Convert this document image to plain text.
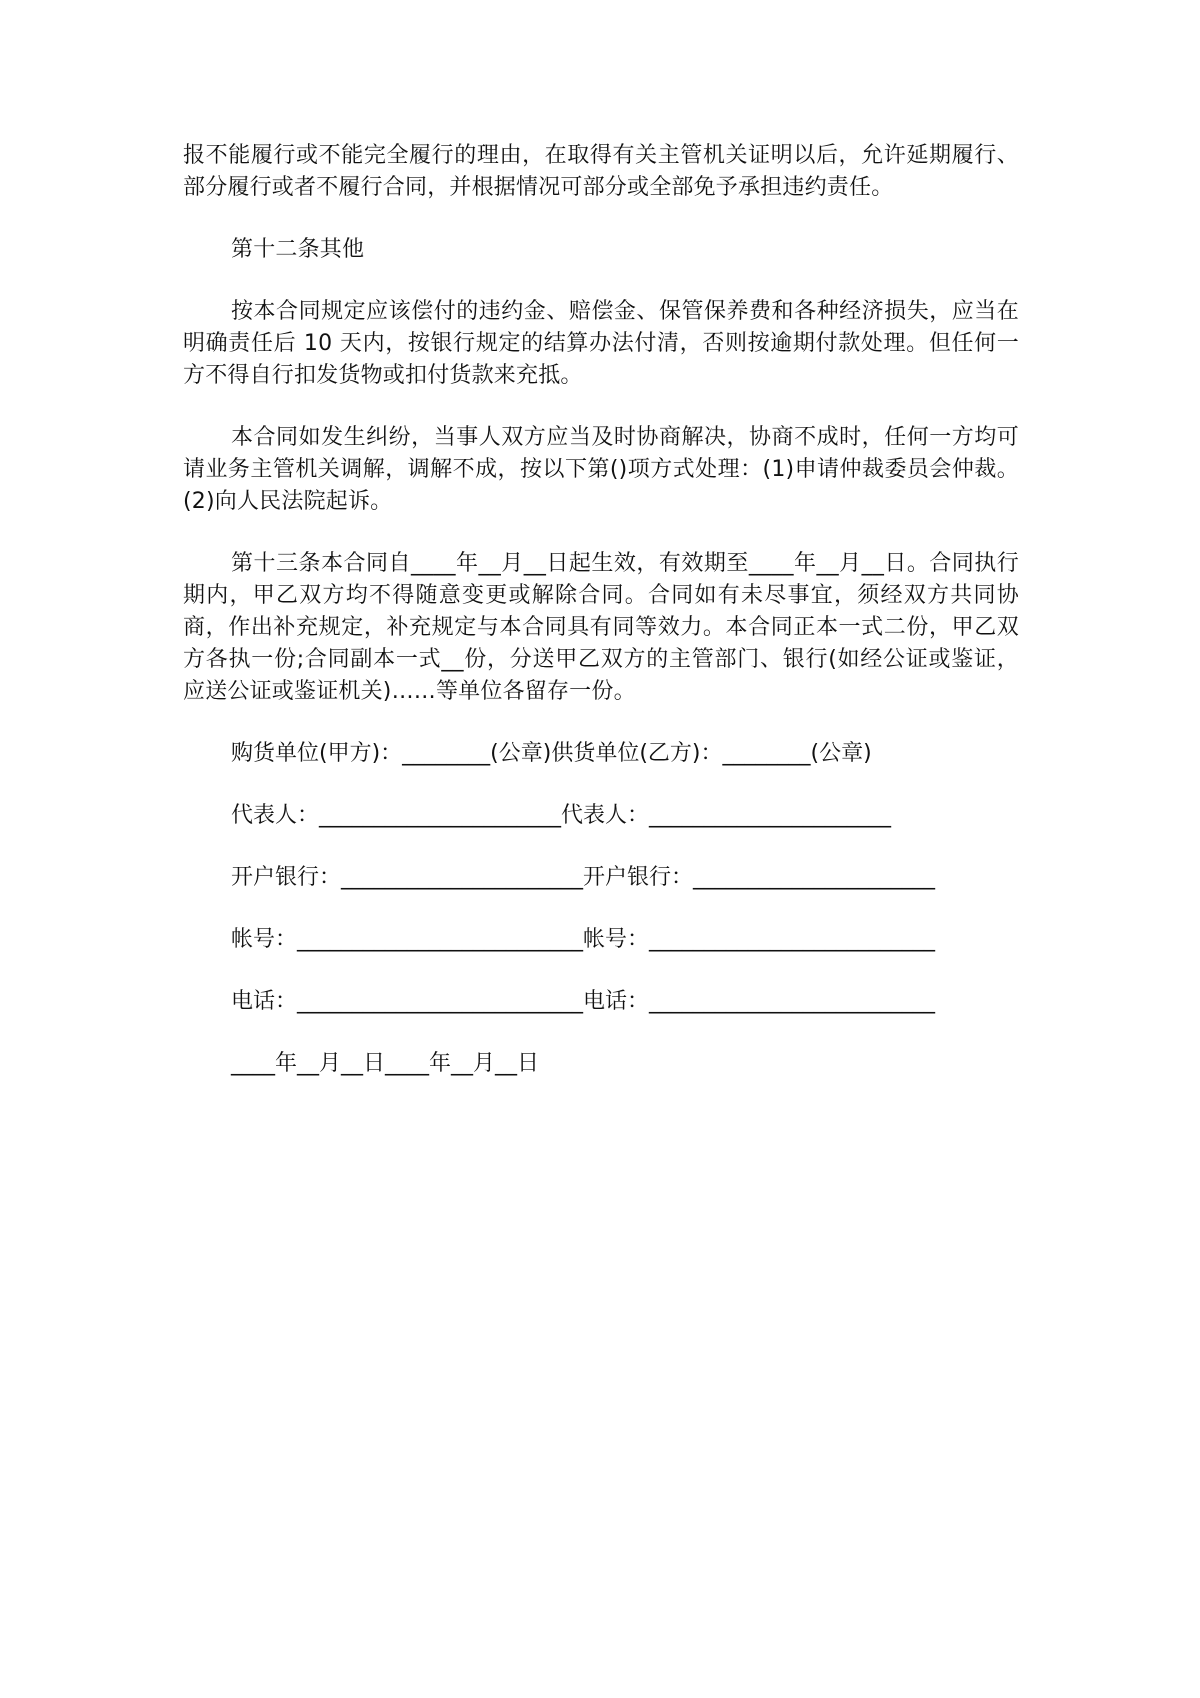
报不能履行或不能完全履行的理由，在取得有关主管机关证明以后，允许延期履行、部分履行或者不履行合同，并根据情况可部分或全部免予承担违约责任。

第十二条其他

按本合同规定应该偿付的违约金、赔偿金、保管保养费和各种经济损失，应当在明确责任后 10 天内，按银行规定的结算办法付清，否则按逾期付款处理。但任何一方不得自行扣发货物或扣付货款来充抵。

本合同如发生纠纷，当事人双方应当及时协商解决，协商不成时，任何一方均可请业务主管机关调解，调解不成，按以下第()项方式处理：(1)申请仲裁委员会仲裁。(2)向人民法院起诉。

第十三条本合同自____年__月__日起生效，有效期至____年__月__日。合同执行期内，甲乙双方均不得随意变更或解除合同。合同如有未尽事宜，须经双方共同协商，作出补充规定，补充规定与本合同具有同等效力。本合同正本一式二份，甲乙双方各执一份;合同副本一式__份，分送甲乙双方的主管部门、银行(如经公证或鉴证，应送公证或鉴证机关)……等单位各留存一份。

购货单位(甲方)：________(公章)供货单位(乙方)：________(公章)
代表人：______________________代表人：______________________
开户银行：______________________开户银行：______________________
帐号：__________________________帐号：__________________________
电话：__________________________电话：__________________________
____年__月__日____年__月__日
